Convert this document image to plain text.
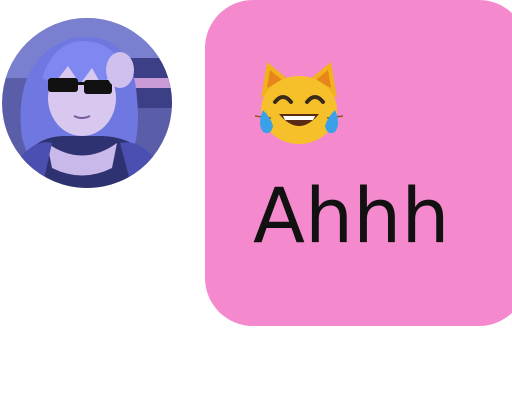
Ahhh
